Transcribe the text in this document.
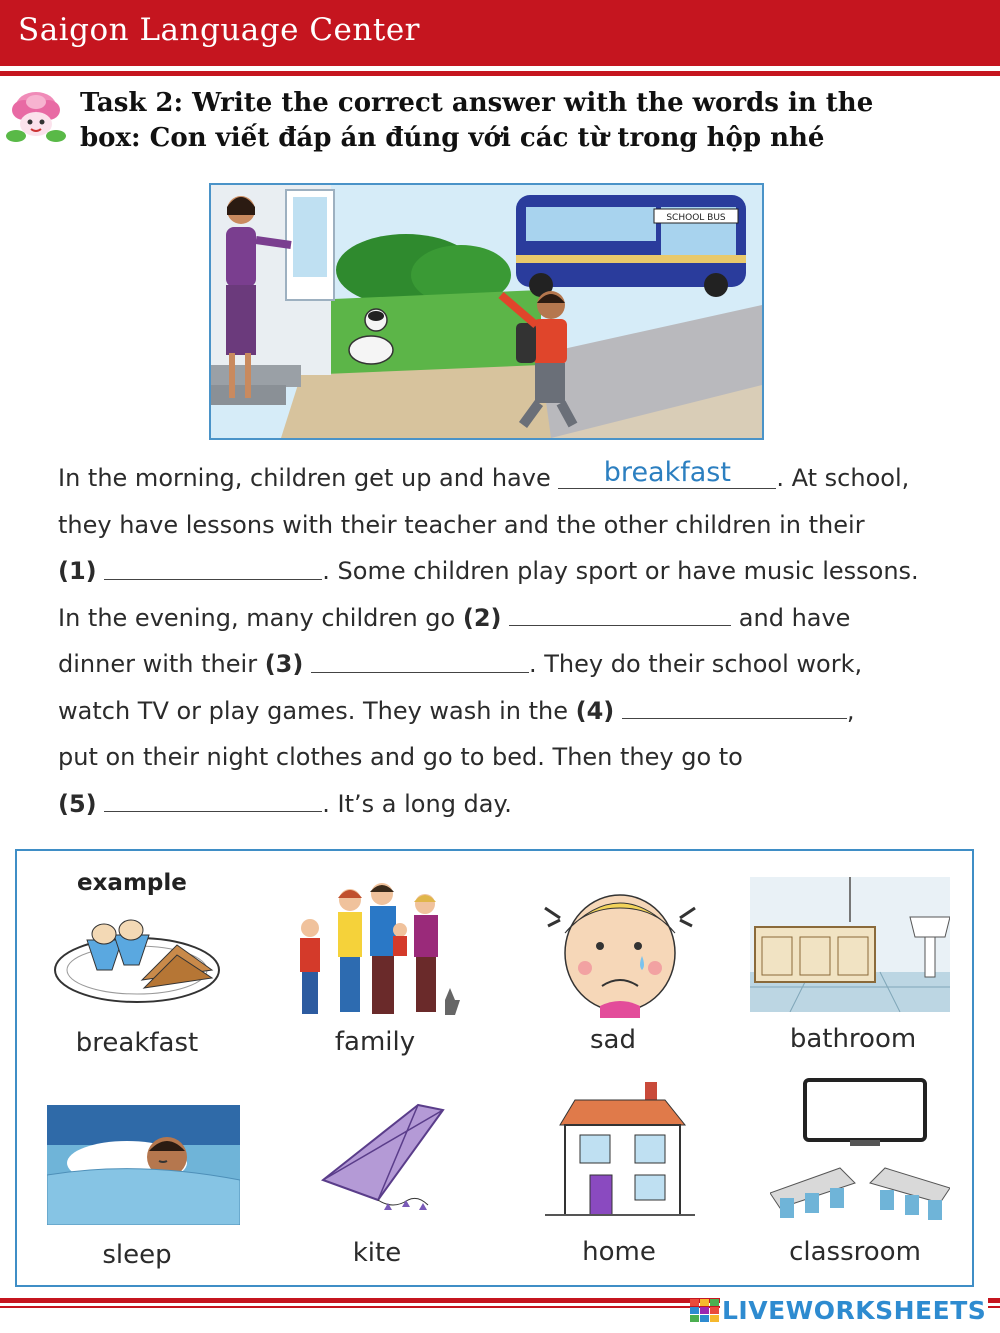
Saigon Language Center
Task 2: Write the correct answer with the words in the
box: Con viết đáp án đúng với các từ trong hộp nhé
SCHOOL BUS
In the morning, children get up and have breakfast . At school,
they have lessons with their teacher and the other children in their
(1)	. Some children play sport or have music lessons.
In the evening, many children go (2)	and have
dinner with their (3)	. They do their school work,
watch TV or play games. They wash in the (4)	,
put on their night clothes and go to bed. Then they go to
(5)	. It’s a long day.
example
breakfast	family	sad	bathroom
sleep	kite	home	classroom
LIVEWORKSHEETS
